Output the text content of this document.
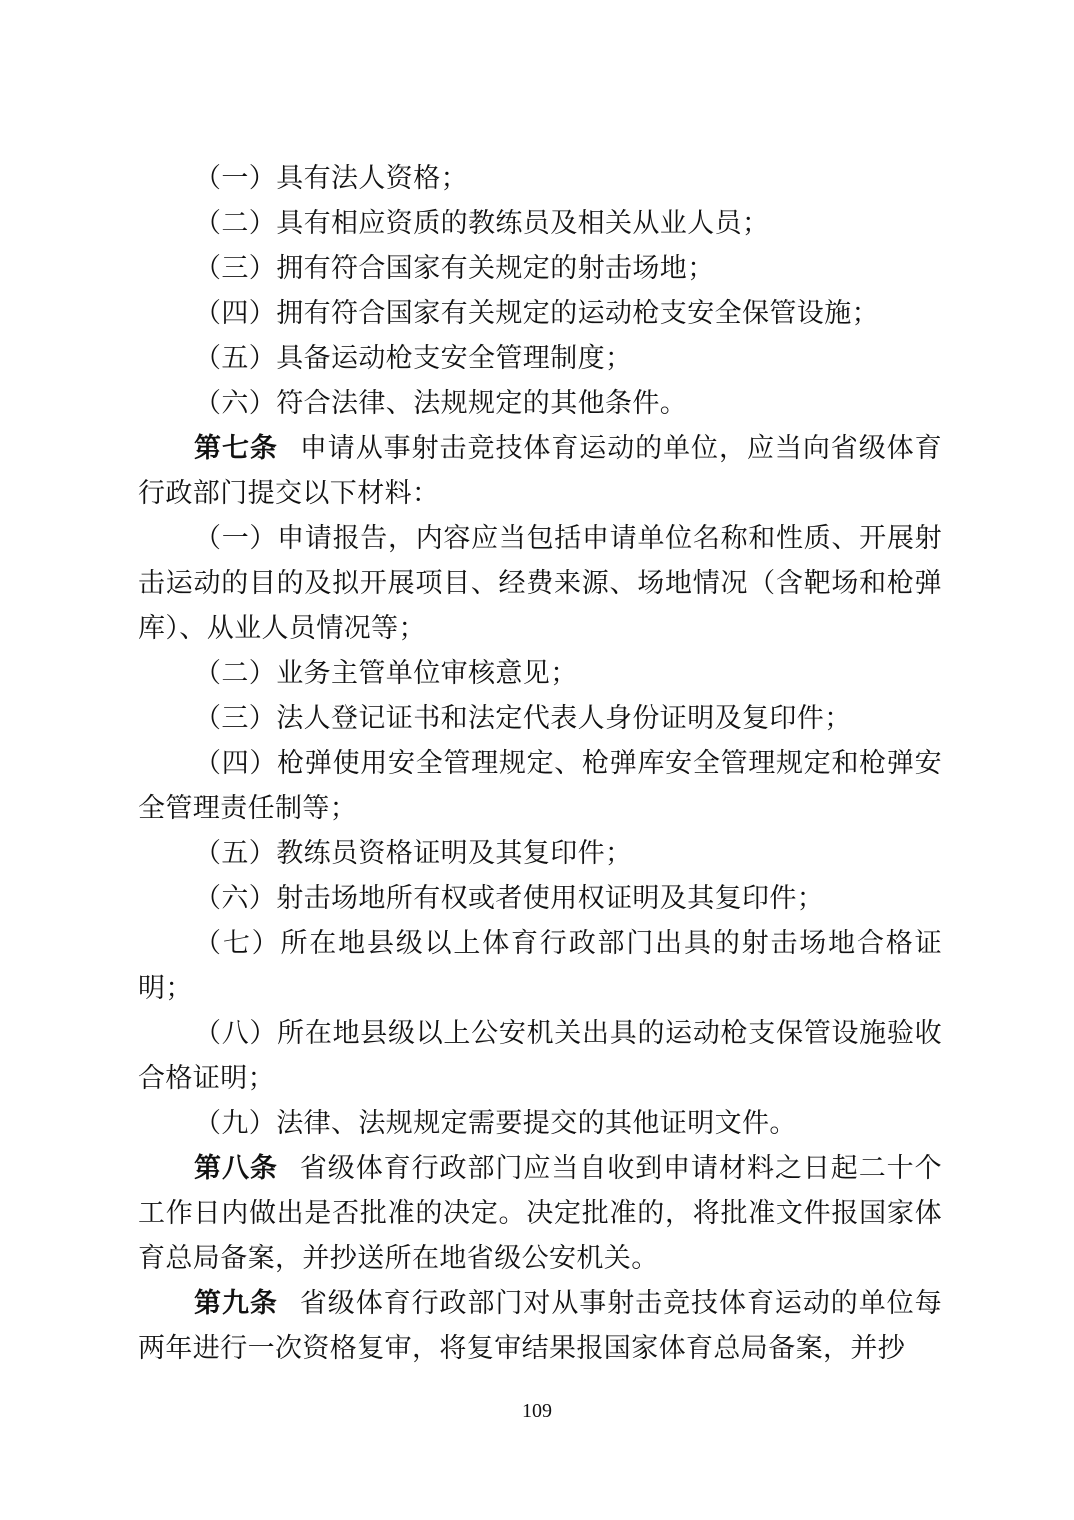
（一）具有法人资格；

（二）具有相应资质的教练员及相关从业人员；

（三）拥有符合国家有关规定的射击场地；

（四）拥有符合国家有关规定的运动枪支安全保管设施；

（五）具备运动枪支安全管理制度；

（六）符合法律、法规规定的其他条件。

第七条 申请从事射击竞技体育运动的单位，应当向省级体育行政部门提交以下材料：

（一）申请报告，内容应当包括申请单位名称和性质、开展射击运动的目的及拟开展项目、经费来源、场地情况（含靶场和枪弹库）、从业人员情况等；

（二）业务主管单位审核意见；

（三）法人登记证书和法定代表人身份证明及复印件；

（四）枪弹使用安全管理规定、枪弹库安全管理规定和枪弹安全管理责任制等；

（五）教练员资格证明及其复印件；

（六）射击场地所有权或者使用权证明及其复印件；

（七）所在地县级以上体育行政部门出具的射击场地合格证明；

（八）所在地县级以上公安机关出具的运动枪支保管设施验收合格证明；

（九）法律、法规规定需要提交的其他证明文件。

第八条 省级体育行政部门应当自收到申请材料之日起二十个工作日内做出是否批准的决定。决定批准的，将批准文件报国家体育总局备案，并抄送所在地省级公安机关。

第九条 省级体育行政部门对从事射击竞技体育运动的单位每两年进行一次资格复审，将复审结果报国家体育总局备案，并抄

109
